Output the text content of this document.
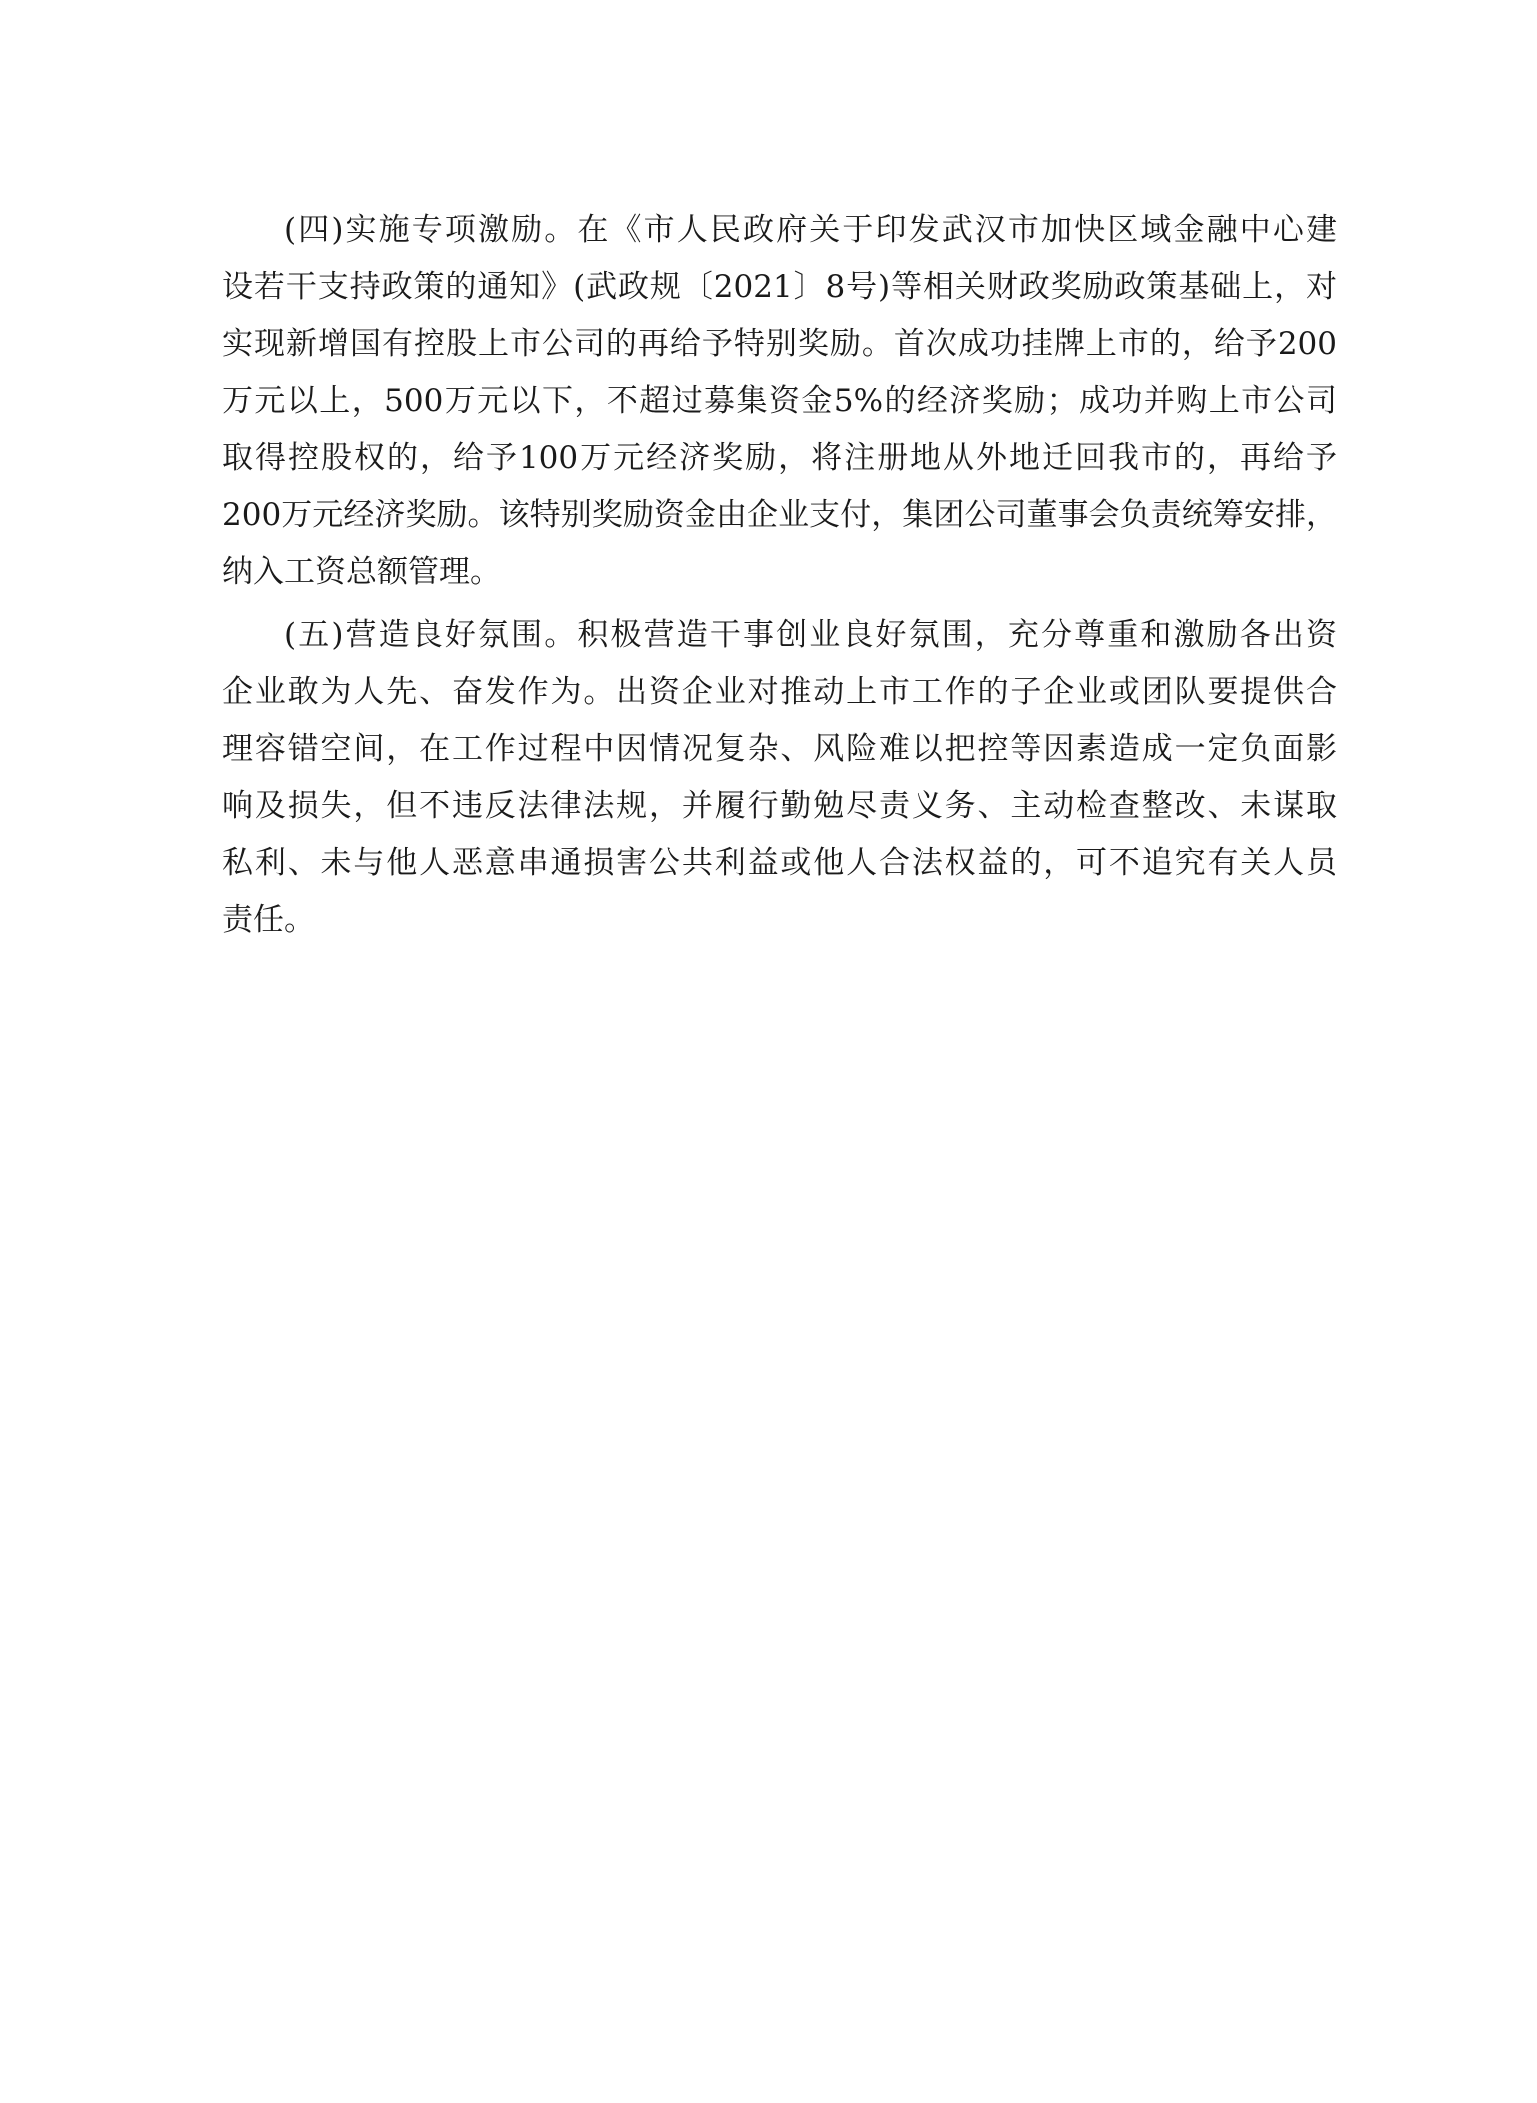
(四)实施专项激励。在《市人民政府关于印发武汉市加快区域金融中心建
设若干支持政策的通知》(武政规〔2021〕8号)等相关财政奖励政策基础上，对
实现新增国有控股上市公司的再给予特别奖励。首次成功挂牌上市的，给予200
万元以上，500万元以下，不超过募集资金5%的经济奖励；成功并购上市公司
取得控股权的，给予100万元经济奖励，将注册地从外地迁回我市的，再给予
200万元经济奖励。该特别奖励资金由企业支付，集团公司董事会负责统筹安排，
纳入工资总额管理。

(五)营造良好氛围。积极营造干事创业良好氛围，充分尊重和激励各出资
企业敢为人先、奋发作为。出资企业对推动上市工作的子企业或团队要提供合
理容错空间，在工作过程中因情况复杂、风险难以把控等因素造成一定负面影
响及损失，但不违反法律法规，并履行勤勉尽责义务、主动检查整改、未谋取
私利、未与他人恶意串通损害公共利益或他人合法权益的，可不追究有关人员
责任。
